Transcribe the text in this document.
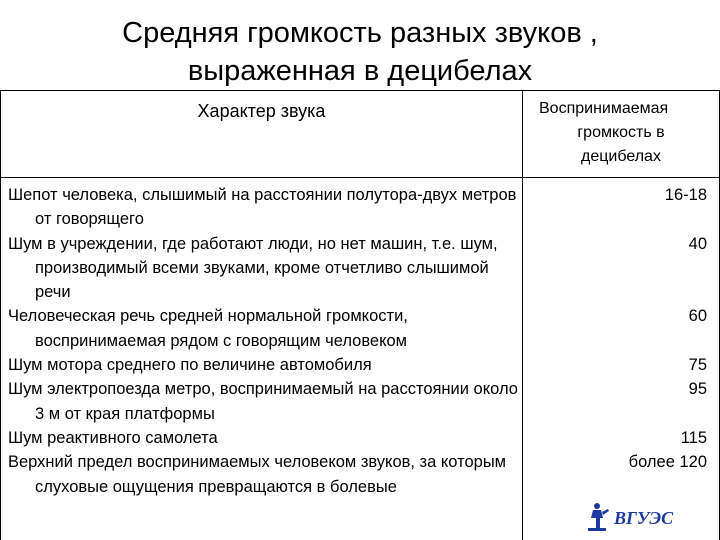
Средняя громкость разных звуков ,
выраженная в децибелах
Характер звука	Воспринимаемая
громкость в
децибелах
Шепот человека, слышимый на расстоянии полутора-двух метров от говорящего
Шум в учреждении, где работают люди, но нет машин, т.е. шум, производимый всеми звуками, кроме отчетливо слышимой речи
Человеческая речь средней нормальной громкости, воспринимаемая рядом с говорящим человеком
Шум мотора среднего по величине автомобиля
Шум электропоезда метро, воспринимаемый на расстоянии около 3 м от края платформы
Шум реактивного самолета
Верхний предел воспринимаемых человеком звуков, за которым слуховые ощущения превращаются в болевые
16-18
40
60
75
95
115
более 120
ВГУЭС
